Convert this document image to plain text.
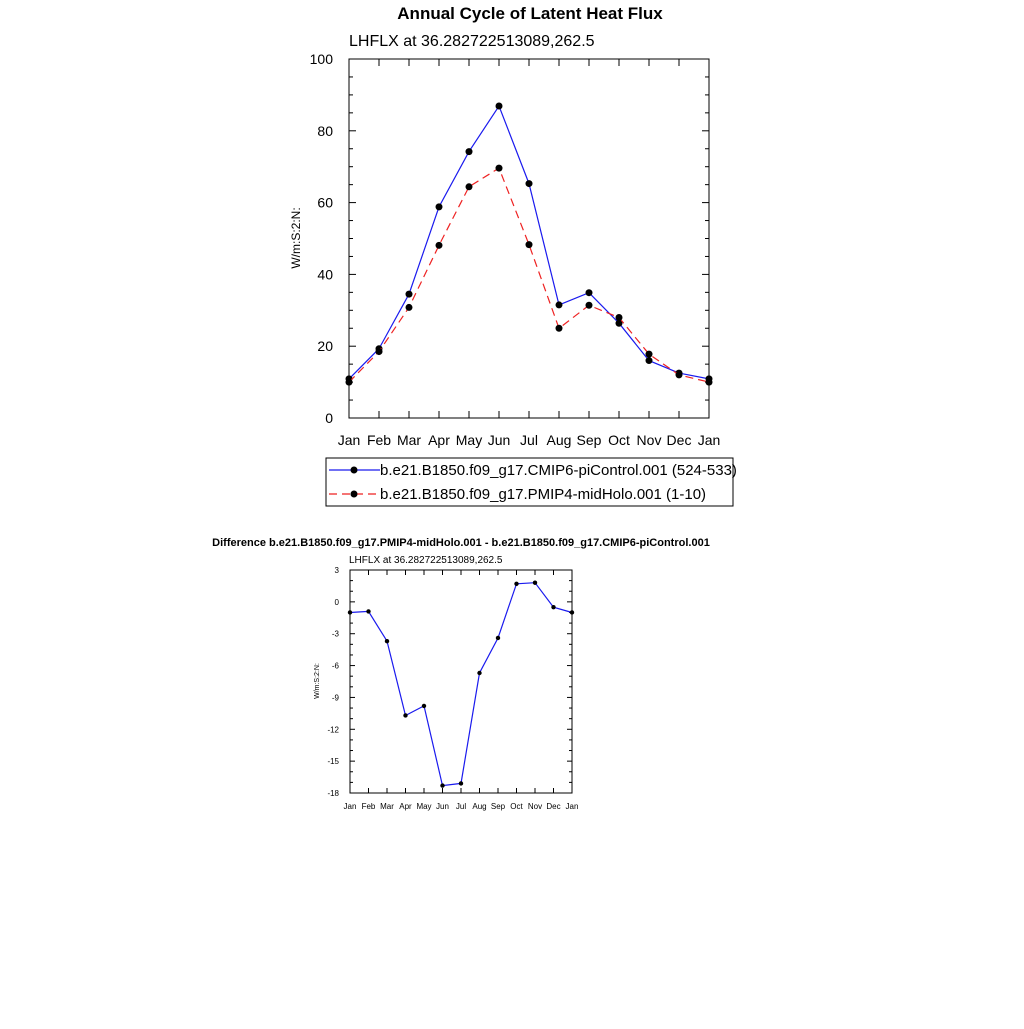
Annual Cycle of Latent Heat Flux
LHFLX at 36.282722513089,262.5
W/m:S:2:N:
0
20
40
60
80
100
Jan Feb Mar Apr May Jun Jul Aug Sep Oct Nov Dec Jan
b.e21.B1850.f09_g17.CMIP6-piControl.001 (524-533)
b.e21.B1850.f09_g17.PMIP4-midHolo.001 (1-10)
Difference b.e21.B1850.f09_g17.PMIP4-midHolo.001 - b.e21.B1850.f09_g17.CMIP6-piControl.001
LHFLX at 36.282722513089,262.5
W/m:S:2:N:
-18
-15
-12
-9
-6
-3
0
3
Jan Feb Mar Apr May Jun Jul Aug Sep Oct Nov Dec Jan
